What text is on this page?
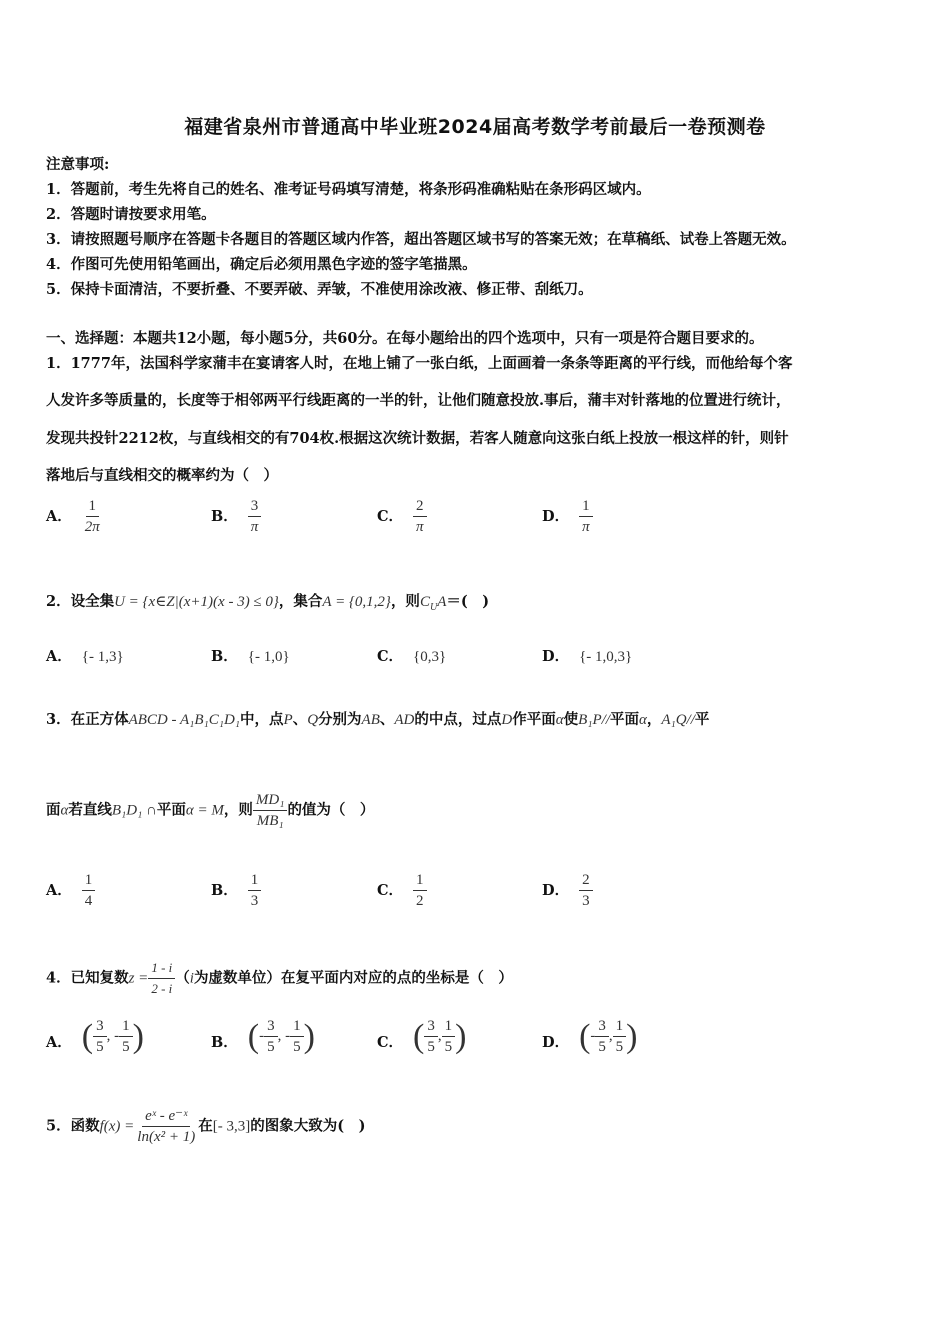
福建省泉州市普通高中毕业班2024届高考数学考前最后一卷预测卷
注意事项:
1．答题前，考生先将自己的姓名、准考证号码填写清楚，将条形码准确粘贴在条形码区域内。
2．答题时请按要求用笔。
3．请按照题号顺序在答题卡各题目的答题区域内作答，超出答题区域书写的答案无效；在草稿纸、试卷上答题无效。
4．作图可先使用铅笔画出，确定后必须用黑色字迹的签字笔描黑。
5．保持卡面清洁，不要折叠、不要弄破、弄皱，不准使用涂改液、修正带、刮纸刀。
一、选择题：本题共12小题，每小题5分，共60分。在每小题给出的四个选项中，只有一项是符合题目要求的。
1．1777年，法国科学家蒲丰在宴请客人时，在地上铺了一张白纸，上面画着一条条等距离的平行线，而他给每个客
人发许多等质量的，长度等于相邻两平行线距离的一半的针，让他们随意投放.事后，蒲丰对针落地的位置进行统计，
发现共投针2212枚，与直线相交的有704枚.根据这次统计数据，若客人随意向这张白纸上投放一根这样的针，则针
落地后与直线相交的概率约为（　）
A． $\frac{1}{2\pi}$	B． $\frac{3}{\pi}$	C． $\frac{2}{\pi}$	D． $\frac{1}{\pi}$
2．设全集U = {x∈Z|(x+1)(x - 3) ≤ 0}，集合A = {0,1,2}，则$C_UA=$(　)
A． {- 1,3}	B． {- 1,0}	C． {0,3}	D． {- 1,0,3}
3．在正方体ABCD - A₁B₁C₁D₁中，点P、Q分别为AB、AD的中点，过点D作平面α使B₁P//平面α，A₁Q//平
面α若直线B₁D₁ ∩平面α = M，则 $\frac{\text{MD₁}}{\text{MB₁}}$ 的值为（　）
A． $\frac{1}{4}$	B． $\frac{1}{3}$	C． $\frac{1}{2}$	D． $\frac{2}{3}$
4．已知复数$z = \frac{1 - i}{2 - i} (i$为虚数单位）在复平面内对应的点的坐标是（　）
A． ( $\frac{3}{5}$ , - $\frac{1}{5}$ )	B． ( - $\frac{3}{5}$ , - $\frac{1}{5}$ )	C． ( $\frac{3}{5}$ , $\frac{1}{5}$ )	D． ( - $\frac{3}{5}$ , $\frac{1}{5}$ )
5．函数$f(x) = \frac{\text{eˣ - e⁻ˣ}}{\text{ln(x² + 1)}}$ 在[- 3,3]的图象大致为(　)
